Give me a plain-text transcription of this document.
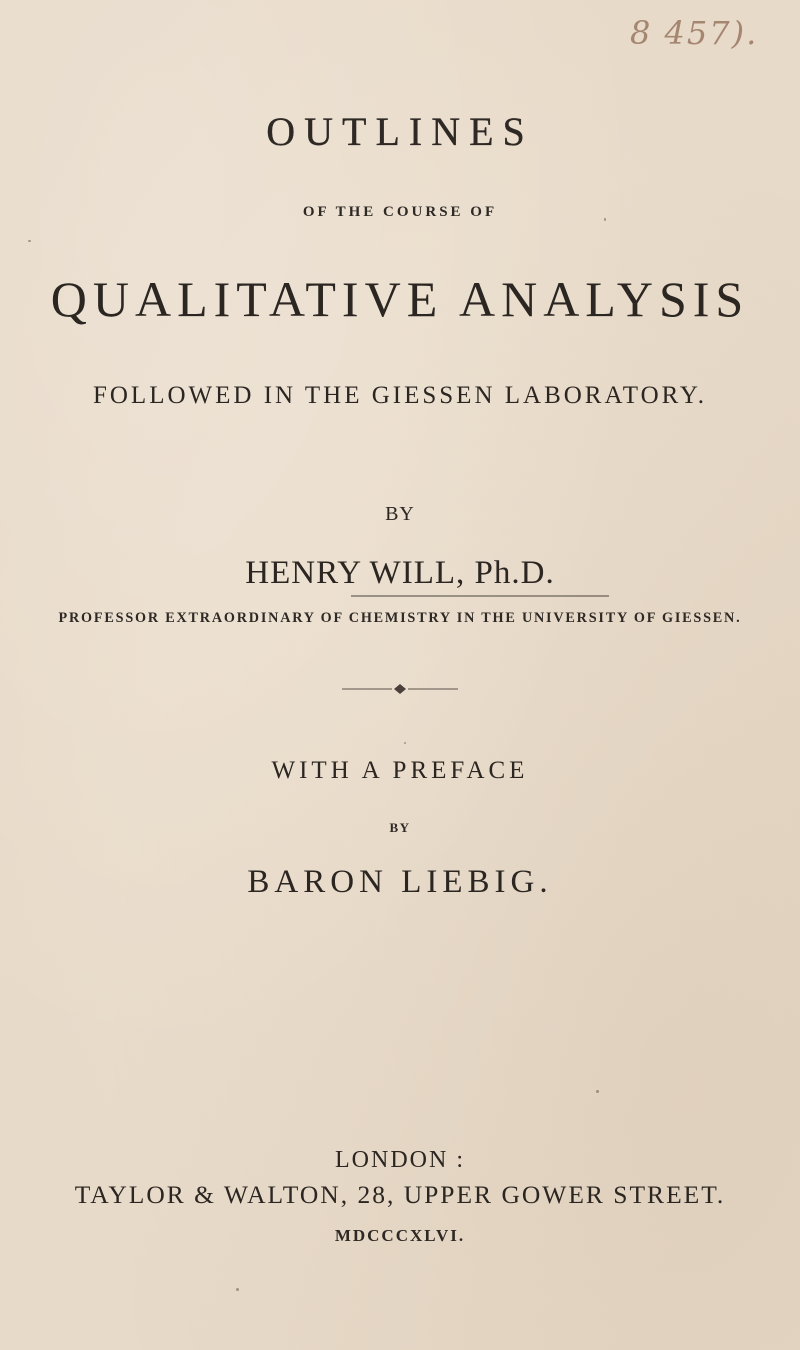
8 457).

OUTLINES

OF THE COURSE OF

QUALITATIVE ANALYSIS

FOLLOWED IN THE GIESSEN LABORATORY.

BY

HENRY WILL, Ph.D.

PROFESSOR EXTRAORDINARY OF CHEMISTRY IN THE UNIVERSITY OF GIESSEN.

WITH A PREFACE

BY

BARON LIEBIG.

LONDON :

TAYLOR & WALTON, 28, UPPER GOWER STREET.

MDCCCXLVI.
